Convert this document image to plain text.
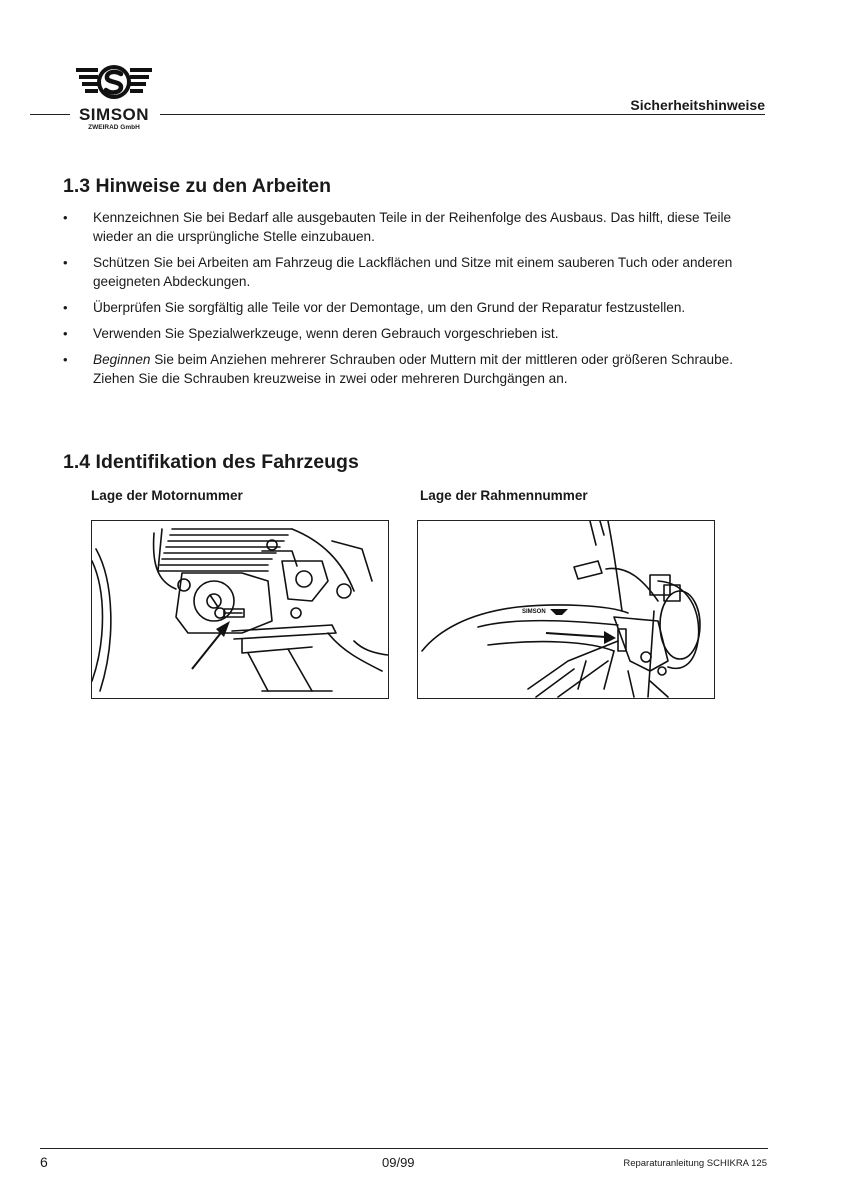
SIMSON
ZWEIRAD GmbH
Sicherheitshinweise
1.3 Hinweise zu den Arbeiten
• Kennzeichnen Sie bei Bedarf alle ausgebauten Teile in der Reihenfolge des Ausbaus. Das hilft, diese Teile wieder an die ursprüngliche Stelle einzubauen.
• Schützen Sie bei Arbeiten am Fahrzeug die Lackflächen und Sitze mit einem sauberen Tuch oder anderen geeigneten Abdeckungen.
• Überprüfen Sie sorgfältig alle Teile vor der Demontage, um den Grund der Reparatur festzustellen.
• Verwenden Sie Spezialwerkzeuge, wenn deren Gebrauch vorgeschrieben ist.
• Beginnen Sie beim Anziehen mehrerer Schrauben oder Muttern mit der mittleren oder größeren Schraube. Ziehen Sie die Schrauben kreuzweise in zwei oder mehreren Durchgängen an.
1.4 Identifikation des Fahrzeugs
Lage der Motornummer	Lage der Rahmennummer
SIMSON
6	09/99	Reparaturanleitung SCHIKRA 125
